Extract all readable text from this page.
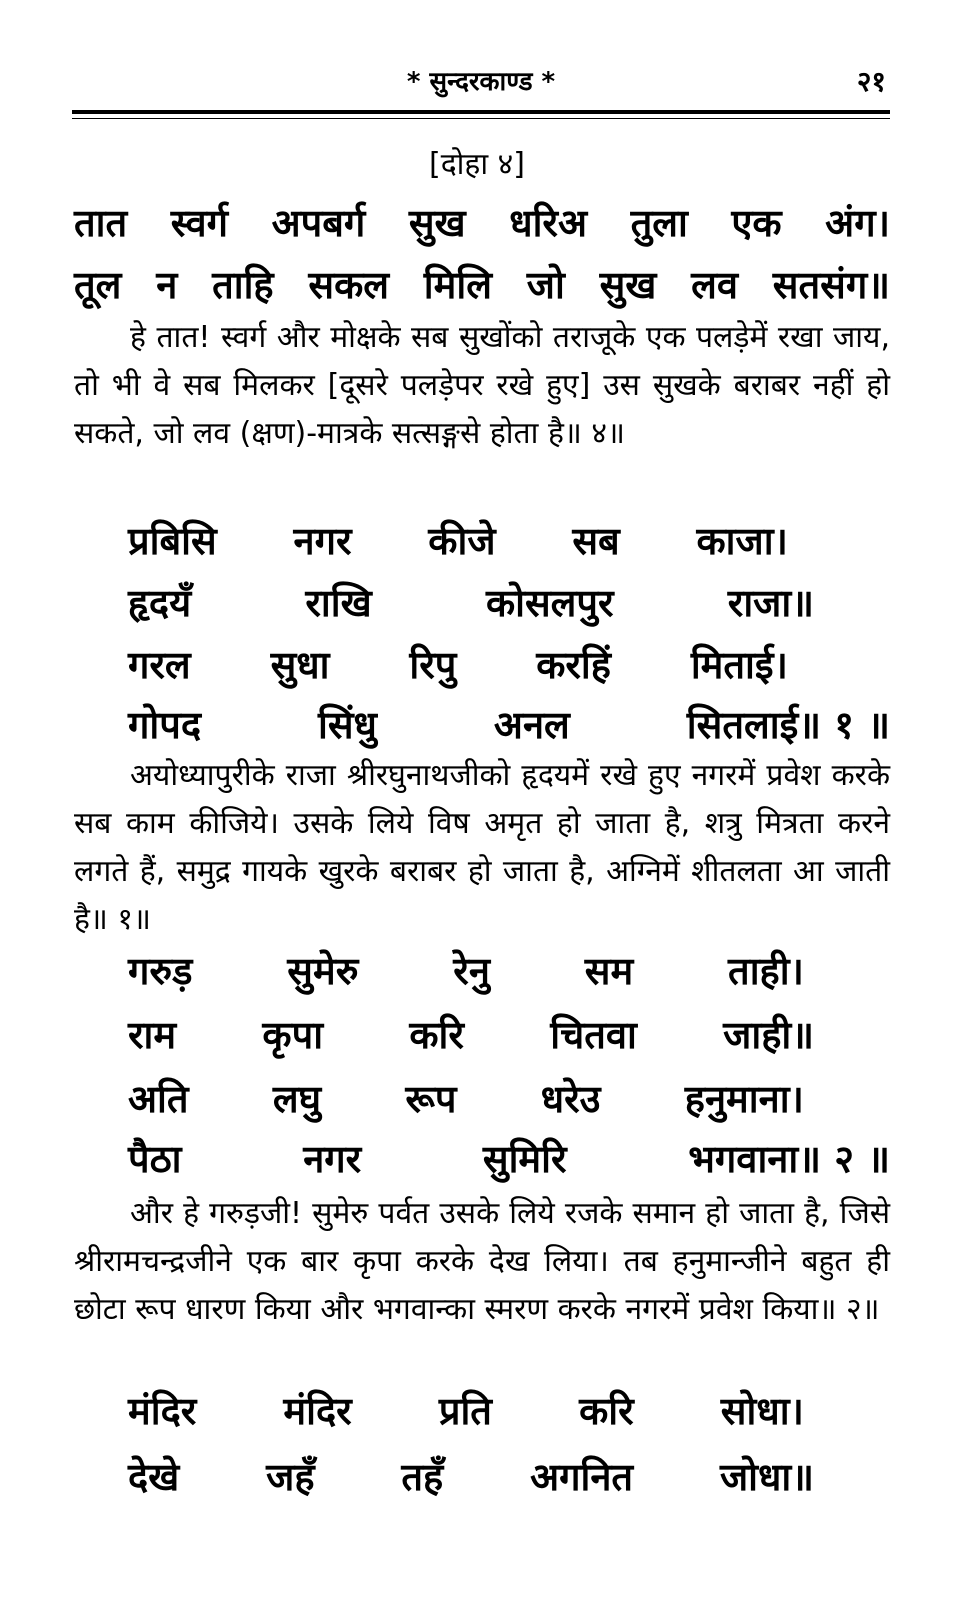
* सुन्दरकाण्ड *	२१
[दोहा ४]
तात स्वर्ग अपबर्ग सुख धरिअ तुला एक अंग।
तूल न ताहि सकल मिलि जो सुख लव सतसंग॥

हे तात! स्वर्ग और मोक्षके सब सुखोंको तराजूके एक पलड़ेमें रखा जाय, तो भी वे सब मिलकर [दूसरे पलड़ेपर रखे हुए] उस सुखके बराबर नहीं हो सकते, जो लव (क्षण)-मात्रके सत्सङ्गसे होता है॥ ४॥

प्रबिसि नगर कीजे सब काजा।
हृदयँ	राखि	कोसलपुर	राजा॥
गरल सुधा रिपु करहिं मिताई।
गोपद	सिंधु	अनल	सितलाई॥ १ ॥

अयोध्यापुरीके राजा श्रीरघुनाथजीको हृदयमें रखे हुए नगरमें प्रवेश करके सब काम कीजिये। उसके लिये विष अमृत हो जाता है, शत्रु मित्रता करने लगते हैं, समुद्र गायके खुरके बराबर हो जाता है, अग्निमें शीतलता आ जाती है॥ १॥

गरुड़ सुमेरु रेनु सम ताही।
राम कृपा करि चितवा जाही॥
अति लघु रूप धरेउ हनुमाना।
पैठा	नगर	सुमिरि	भगवाना॥ २ ॥

और हे गरुड़जी! सुमेरु पर्वत उसके लिये रजके समान हो जाता है, जिसे श्रीरामचन्द्रजीने एक बार कृपा करके देख लिया। तब हनुमान्जीने बहुत ही छोटा रूप धारण किया और भगवान्का स्मरण करके नगरमें प्रवेश किया॥ २॥

मंदिर मंदिर प्रति करि सोधा।
देखे जहँ तहँ अगनित जोधा॥
